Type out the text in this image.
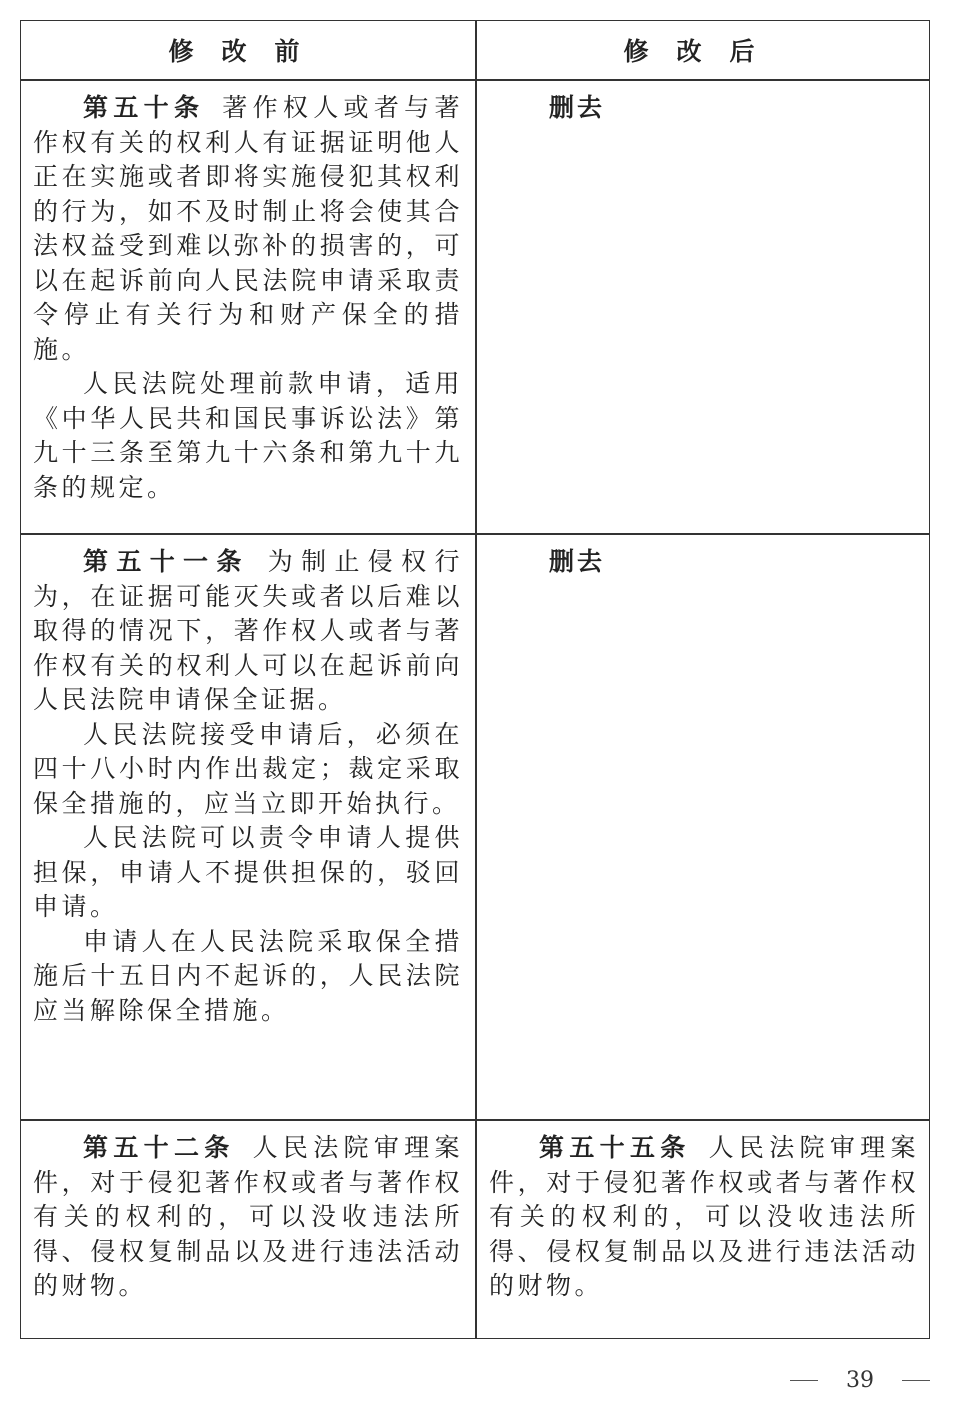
修改前	修改后

第五十条 著作权人或者与著作权有关的权利人有证据证明他人正在实施或者即将实施侵犯其权利的行为，如不及时制止将会使其合法权益受到难以弥补的损害的，可以在起诉前向人民法院申请采取责令停止有关行为和财产保全的措施。

人民法院处理前款申请，适用《中华人民共和国民事诉讼法》第九十三条至第九十六条和第九十九条的规定。

删去

第五十一条 为制止侵权行为，在证据可能灭失或者以后难以取得的情况下，著作权人或者与著作权有关的权利人可以在起诉前向人民法院申请保全证据。

人民法院接受申请后，必须在四十八小时内作出裁定；裁定采取保全措施的，应当立即开始执行。

人民法院可以责令申请人提供担保，申请人不提供担保的，驳回申请。

申请人在人民法院采取保全措施后十五日内不起诉的，人民法院应当解除保全措施。

删去

第五十二条 人民法院审理案件，对于侵犯著作权或者与著作权有关的权利的，可以没收违法所得、侵权复制品以及进行违法活动的财物。

第五十五条 人民法院审理案件，对于侵犯著作权或者与著作权有关的权利的，可以没收违法所得、侵权复制品以及进行违法活动的财物。

39
